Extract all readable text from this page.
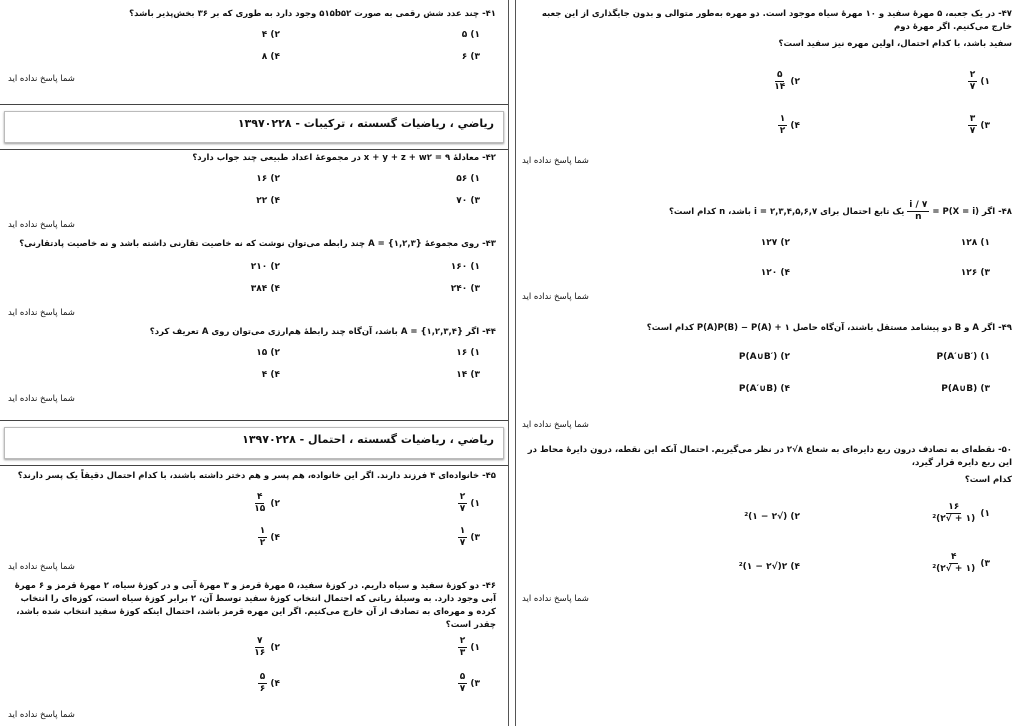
۴۱- چند عدد شش رقمی به صورت ۵۱۵b۵۲ وجود دارد به طوری که بر ۳۶ بخش‌پذیر باشد؟
۱) ۵
۲) ۴
۳) ۶
۴) ۸
شما پاسخ نداده اید
ریاضي ، ریاضیات گسسته ، ترکیبات - ۱۳۹۷۰۲۲۸
۴۲- معادلهٔ ۹ = x + y + z + w۲ در مجموعهٔ اعداد طبیعی چند جواب دارد؟
۱) ۵۶
۲) ۱۶
۳) ۷۰
۴) ۲۲
شما پاسخ نداده اید
۴۳- روی مجموعهٔ {۱,۲,۳} = A چند رابطه می‌توان نوشت که نه خاصیت تقارنی داشته باشد و نه خاصیت پادتقارنی؟
۱) ۱۶۰
۲) ۲۱۰
۳) ۲۴۰
۴) ۳۸۴
شما پاسخ نداده اید
۴۴- اگر {۱,۲,۳,۴} = A باشد، آن‌گاه چند رابطهٔ هم‌ارزی می‌توان روی A تعریف کرد؟
۱) ۱۶
۲) ۱۵
۳) ۱۴
۴) ۴
شما پاسخ نداده اید
ریاضي ، ریاضیات گسسته ، احتمال - ۱۳۹۷۰۲۲۸
۴۵- خانواده‌ای ۴ فرزند دارند. اگر این خانواده، هم پسر و هم دختر داشته باشند، با کدام احتمال دقیقاً یک پسر دارند؟
۱)
$\frac{۲}{۷}$
۲)
$\frac{۴}{۱۵}$
۳)
$\frac{۱}{۷}$
۴)
$\frac{۱}{۲}$
شما پاسخ نداده اید
۴۶- دو کوزهٔ سفید و سیاه داریم. در کوزهٔ سفید، ۵ مهرهٔ قرمز و ۳ مهرهٔ آبی و در کوزهٔ سیاه، ۲ مهرهٔ قرمز و ۶ مهرهٔ آبی وجود دارد. به وسیلهٔ ریاتی که احتمال انتخاب کوزهٔ سفید توسط آن، ۲ برابر کوزهٔ سیاه است، کوزه‌ای را انتخاب کرده و مهره‌ای به تصادف از آن خارج می‌کنیم. اگر این مهره قرمز باشد، احتمال اینکه کوزهٔ سفید انتخاب شده باشد، چقدر است؟
۱)
$\frac{۲}{۳}$
۲)
$\frac{۷}{۱۶}$
۳)
$\frac{۵}{۷}$
۴)
$\frac{۵}{۶}$
شما پاسخ نداده اید
۴۷- در یک جعبه، ۵ مهرهٔ سفید و ۱۰ مهرهٔ سیاه موجود است. دو مهره به‌طور متوالی و بدون جایگذاری از این جعبه خارج می‌کنیم. اگر مهرهٔ دوم
سفید باشد، با کدام احتمال، اولین مهره نیز سفید است؟
۱)
$\frac{۲}{۷}$
۲)
$\frac{۵}{۱۴}$
۳)
$\frac{۳}{۷}$
۴)
$\frac{۱}{۲}$
شما پاسخ نداده اید
۴۸- اگر P(X = i) =
$\frac{۷ / i}{n}$
یک تابع احتمال برای ۲,۳,۴,۵,۶,۷ = i باشد، n کدام است؟
۱) ۱۲۸
۲) ۱۲۷
۳) ۱۲۶
۴) ۱۲۰
شما پاسخ نداده اید
۴۹- اگر A و B دو پیشامد مستقل باشند، آن‌گاه حاصل P(A)P(B) − P(A) + ۱ کدام است؟
۱) P(A′∪B′)
۲) P(A∪B′)
۳) P(A∪B)
۴) P(A′∪B)
شما پاسخ نداده اید
۵۰- نقطه‌ای به تصادف درون ربع دایره‌ای به شعاع ۸√۲ در نظر می‌گیریم. احتمال آنکه این نقطه، درون دایرهٔ محاط در این ربع دایره قرار گیرد،
کدام است؟
۱)
$\frac{۱۶}{\text{(۱ + √۲)²}}$
۲) (√۲ − ۱)²
۳)
$\frac{۴}{\text{(۱ + √۲)²}}$
۴) ۲(√۲ − ۱)²
شما پاسخ نداده اید
